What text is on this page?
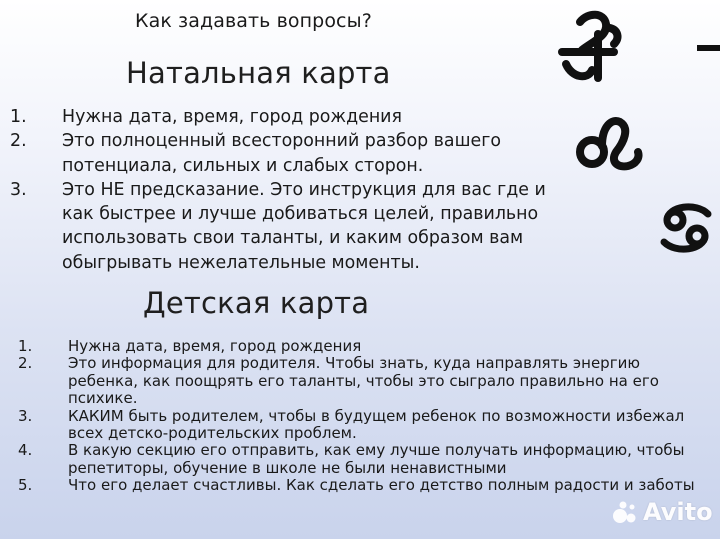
Как задавать вопросы?
Натальная карта
1. Нужна дата, время, город рождения
2. Это полноценный всесторонний разбор вашего потенциала, сильных и слабых сторон.
3. Это НЕ предсказание. Это инструкция для вас где и как быстрее и лучше добиваться целей, правильно использовать свои таланты, и каким образом вам обыгрывать нежелательные моменты.
Детская карта
1. Нужна дата, время, город рождения
2. Это информация для родителя. Чтобы знать, куда направлять энергию ребенка, как поощрять его таланты, чтобы это сыграло правильно на его психике.
3. КАКИМ быть родителем, чтобы в будущем ребенок по возможности избежал всех детско-родительских проблем.
4. В какую секцию его отправить, как ему лучше получать информацию, чтобы репетиторы, обучение в школе не были ненавистными
5. Что его делает счастливы. Как сделать его детство полным радости и заботы
Avito
